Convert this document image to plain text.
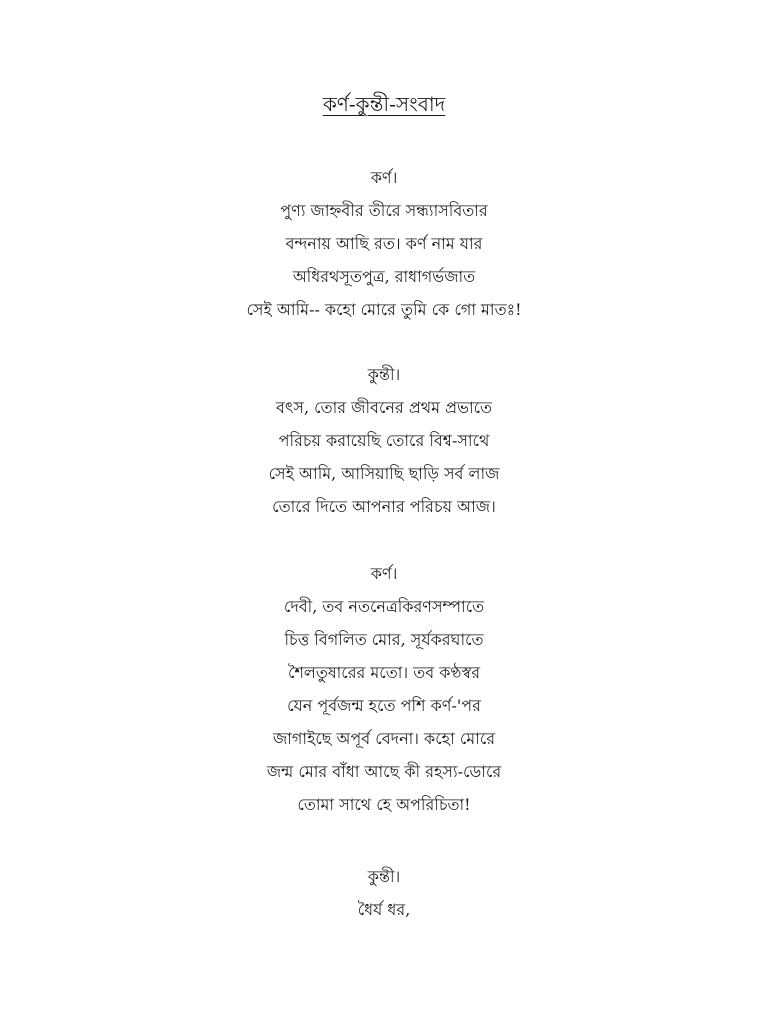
কর্ণ-কুন্তী-সংবাদ
কর্ণ।
পুণ্য জাহ্নবীর তীরে সন্ধ্যাসবিতার
বন্দনায় আছি রত। কর্ণ নাম যার
অধিরথসূতপুত্র, রাধাগর্ভজাত
সেই আমি-- কহো মোরে তুমি কে গো মাতঃ!
কুন্তী।
বৎস, তোর জীবনের প্রথম প্রভাতে
পরিচয় করায়েছি তোরে বিশ্ব-সাথে
সেই আমি, আসিয়াছি ছাড়ি সর্ব লাজ
তোরে দিতে আপনার পরিচয় আজ।
কর্ণ।
দেবী, তব নতনেত্রকিরণসম্পাতে
চিত্ত বিগলিত মোর, সূর্যকরঘাতে
শৈলতুষারের মতো। তব কণ্ঠস্বর
যেন পূর্বজন্ম হতে পশি কর্ণ-'পর
জাগাইছে অপূর্ব বেদনা। কহো মোরে
জন্ম মোর বাঁধা আছে কী রহস্য-ডোরে
তোমা সাথে হে অপরিচিতা!
কুন্তী।
ধৈর্য ধর,
